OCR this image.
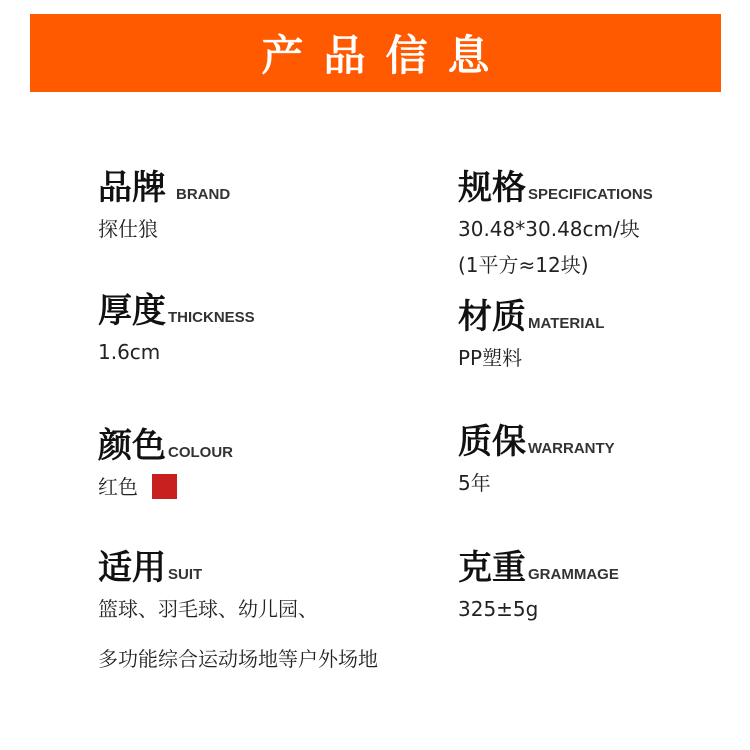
产品信息
品牌 BRAND
探仕狼
规格 SPECIFICATIONS
30.48*30.48cm/块
(1平方≈12块)
厚度 THICKNESS
1.6cm
材质 MATERIAL
PP塑料
颜色 COLOUR
红色
质保 WARRANTY
5年
适用 SUIT
篮球、羽毛球、幼儿园、
多功能综合运动场地等户外场地
克重 GRAMMAGE
325±5g
